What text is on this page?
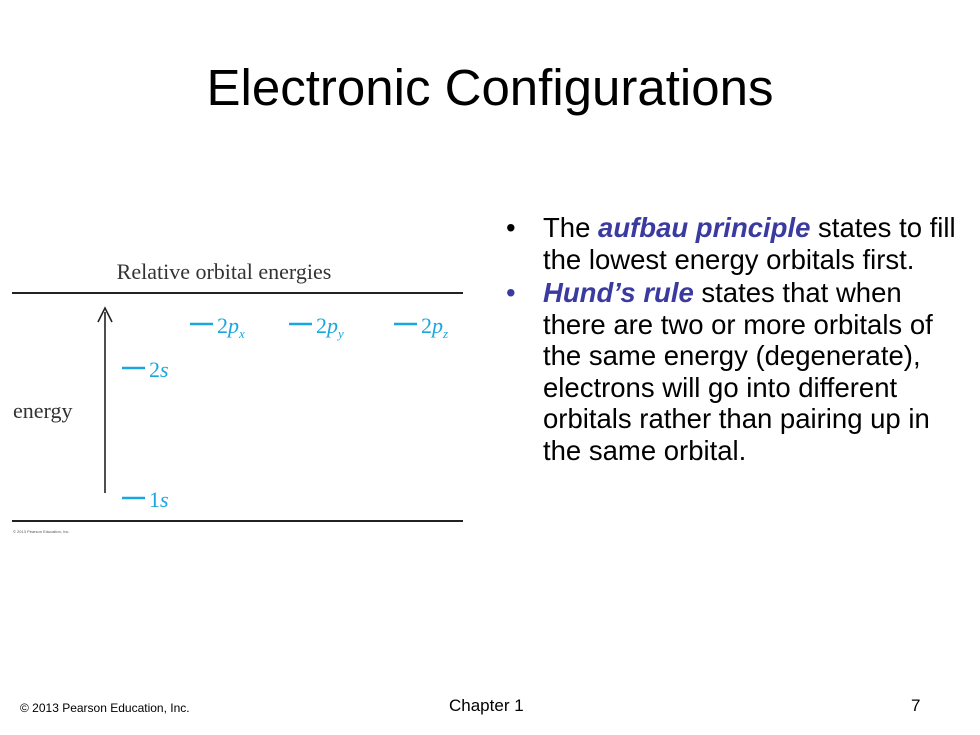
Electronic Configurations
Relative orbital energies
energy
1s
2s
$2p_x$	$2p_y$	$2p_z$
© 2013 Pearson Education, Inc.
• The aufbau principle states to fill the lowest energy orbitals first.
• Hund’s rule states that when there are two or more orbitals of the same energy (degenerate), electrons will go into different orbitals rather than pairing up in the same orbital.
© 2013 Pearson Education, Inc.	Chapter 1	7
